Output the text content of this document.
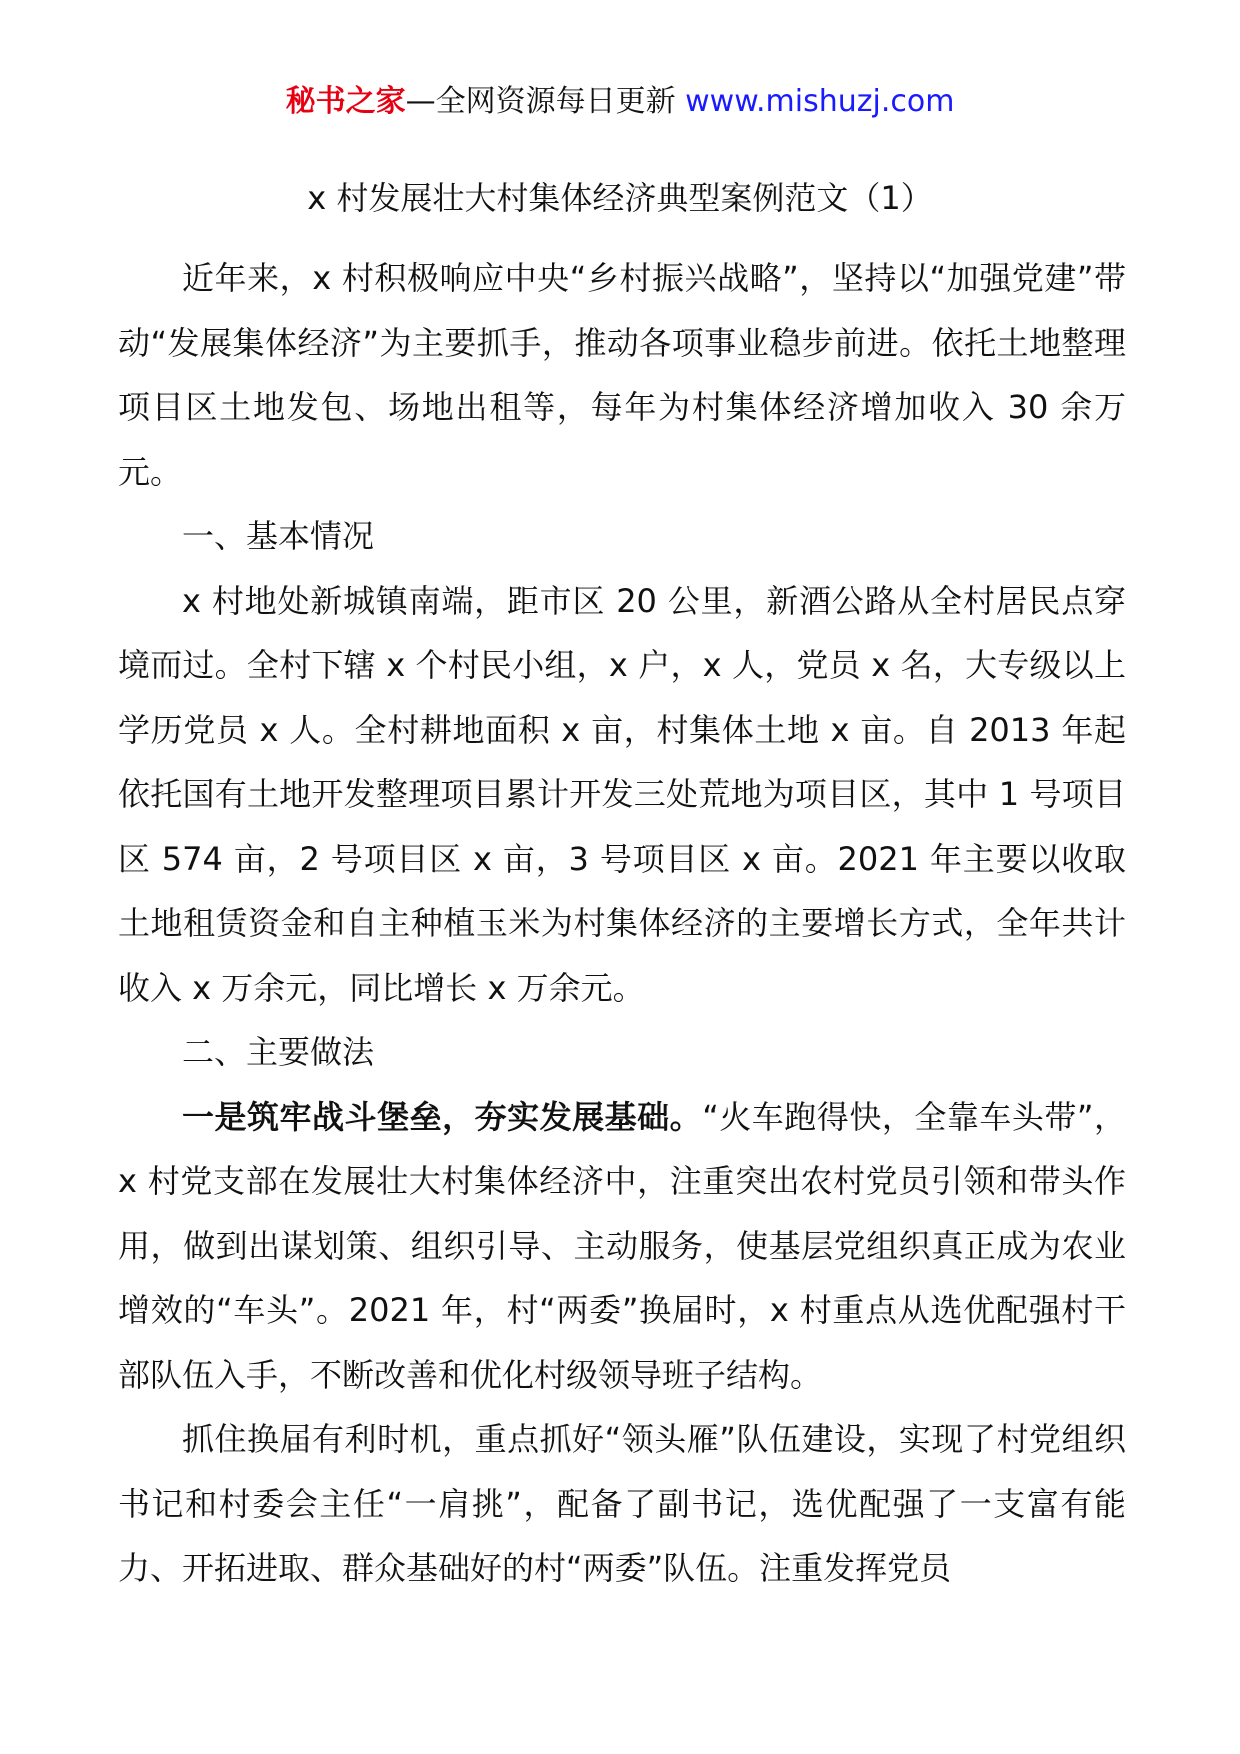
秘书之家—全网资源每日更新 www.mishuzj.com
x 村发展壮大村集体经济典型案例范文（1）

近年来，x 村积极响应中央“乡村振兴战略”，坚持以“加强党建”带动“发展集体经济”为主要抓手，推动各项事业稳步前进。依托土地整理项目区土地发包、场地出租等，每年为村集体经济增加收入 30 余万元。

一、基本情况

x 村地处新城镇南端，距市区 20 公里，新酒公路从全村居民点穿境而过。全村下辖 x 个村民小组，x 户，x 人，党员 x 名，大专级以上学历党员 x 人。全村耕地面积 x 亩，村集体土地 x 亩。自 2013 年起依托国有土地开发整理项目累计开发三处荒地为项目区，其中 1 号项目区 574 亩，2 号项目区 x 亩，3 号项目区 x 亩。2021 年主要以收取土地租赁资金和自主种植玉米为村集体经济的主要增长方式，全年共计收入 x 万余元，同比增长 x 万余元。

二、主要做法

一是筑牢战斗堡垒，夯实发展基础。“火车跑得快，全靠车头带”，x 村党支部在发展壮大村集体经济中，注重突出农村党员引领和带头作用，做到出谋划策、组织引导、主动服务，使基层党组织真正成为农业增效的“车头”。2021 年，村“两委”换届时，x 村重点从选优配强村干部队伍入手，不断改善和优化村级领导班子结构。

抓住换届有利时机，重点抓好“领头雁”队伍建设，实现了村党组织书记和村委会主任“一肩挑”，配备了副书记，选优配强了一支富有能力、开拓进取、群众基础好的村“两委”队伍。注重发挥党员
